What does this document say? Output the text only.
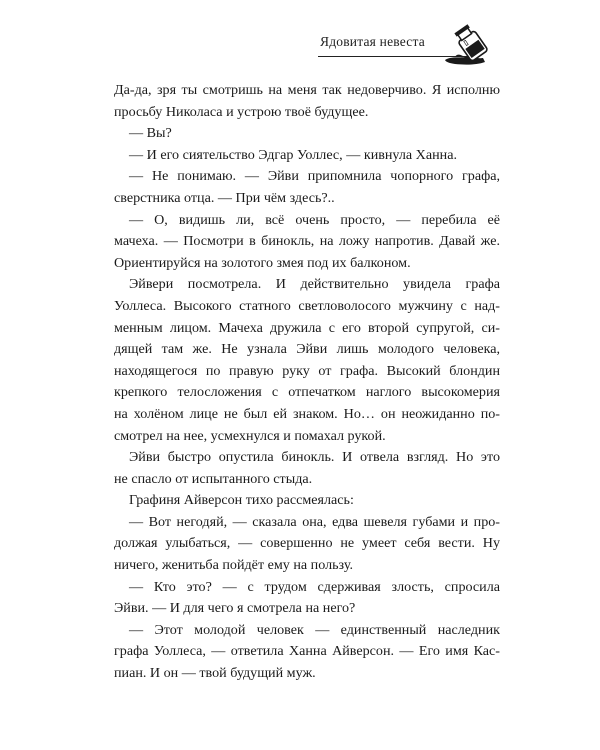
Ядовитая невеста
Да-да, зря ты смотришь на меня так недоверчиво. Я исполню
просьбу Николаса и устрою твоё будущее.
— Вы?
— И его сиятельство Эдгар Уоллес, — кивнула Ханна.
— Не понимаю. — Эйви припомнила чопорного графа,
сверстника отца. — При чём здесь?..
— О, видишь ли, всё очень просто, — перебила её
мачеха. — Посмотри в бинокль, на ложу напротив. Давай же.
Ориентируйся на золотого змея под их балконом.
Эйвери посмотрела. И действительно увидела графа
Уоллеса. Высокого статного светловолосого мужчину с над-
менным лицом. Мачеха дружила с его второй супругой, си-
дящей там же. Не узнала Эйви лишь молодого человека,
находящегося по правую руку от графа. Высокий блондин
крепкого телосложения с отпечатком наглого высокомерия
на холёном лице не был ей знаком. Но… он неожиданно по-
смотрел на нее, усмехнулся и помахал рукой.
Эйви быстро опустила бинокль. И отвела взгляд. Но это
не спасло от испытанного стыда.
Графиня Айверсон тихо рассмеялась:
— Вот негодяй, — сказала она, едва шевеля губами и про-
должая улыбаться, — совершенно не умеет себя вести. Ну
ничего, женитьба пойдёт ему на пользу.
— Кто это? — с трудом сдерживая злость, спросила
Эйви. — И для чего я смотрела на него?
— Этот молодой человек — единственный наследник
графа Уоллеса, — ответила Ханна Айверсон. — Его имя Кас-
пиан. И он — твой будущий муж.
